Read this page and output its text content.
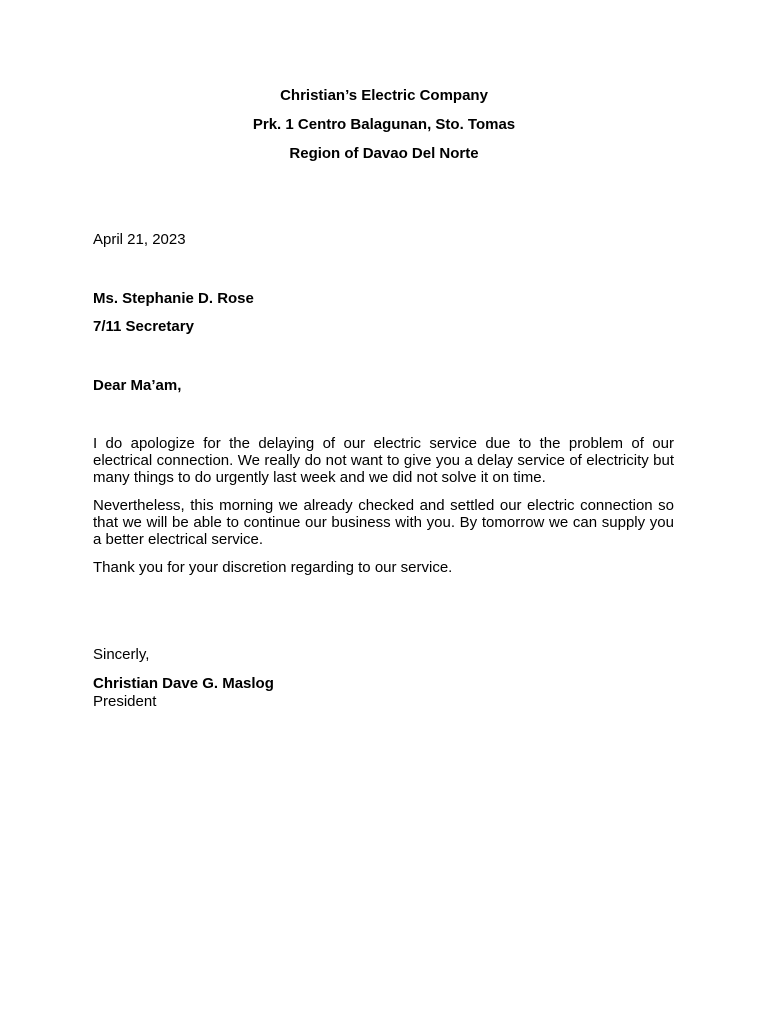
Christian’s Electric Company
Prk. 1 Centro Balagunan, Sto. Tomas
Region of Davao Del Norte
April 21, 2023
Ms. Stephanie D. Rose
7/11 Secretary
Dear Ma’am,

I do apologize for the delaying of our electric service due to the problem of our electrical connection. We really do not want to give you a delay service of electricity but many things to do urgently last week and we did not solve it on time.

Nevertheless, this morning we already checked and settled our electric connection so that we will be able to continue our business with you. By tomorrow we can supply you a better electrical service.

Thank you for your discretion regarding to our service.

Sincerly,
Christian Dave G. Maslog
President
